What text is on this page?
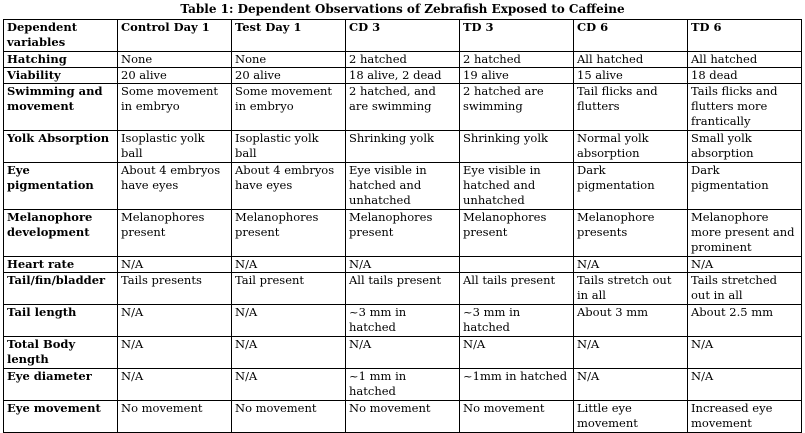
Table 1: Dependent Observations of Zebrafish Exposed to Caffeine
Dependent variables	Control Day 1	Test Day 1	CD 3	TD 3	CD 6	TD 6
Hatching	None	None	2 hatched	2 hatched	All hatched	All hatched
Viability	20 alive	20 alive	18 alive, 2 dead	19 alive	15 alive	18 dead
Swimming and movement	Some movement in embryo	Some movement in embryo	2 hatched, and are swimming	2 hatched are swimming	Tail flicks and flutters	Tails flicks and flutters more frantically
Yolk Absorption	Isoplastic yolk ball	Isoplastic yolk ball	Shrinking yolk	Shrinking yolk	Normal yolk absorption	Small yolk absorption
Eye pigmentation	About 4 embryos have eyes	About 4 embryos have eyes	Eye visible in hatched and unhatched	Eye visible in hatched and unhatched	Dark pigmentation	Dark pigmentation
Melanophore development	Melanophores present	Melanophores present	Melanophores present	Melanophores present	Melanophore presents	Melanophore more present and prominent
Heart rate	N/A	N/A	N/A		N/A	N/A
Tail/fin/bladder	Tails presents	Tail present	All tails present	All tails present	Tails stretch out in all	Tails stretched out in all
Tail length	N/A	N/A	~3 mm in hatched	~3 mm in hatched	About 3 mm	About 2.5 mm
Total Body length	N/A	N/A	N/A	N/A	N/A	N/A
Eye diameter	N/A	N/A	~1 mm in hatched	~1mm in hatched	N/A	N/A
Eye movement	No movement	No movement	No movement	No movement	Little eye movement	Increased eye movement
